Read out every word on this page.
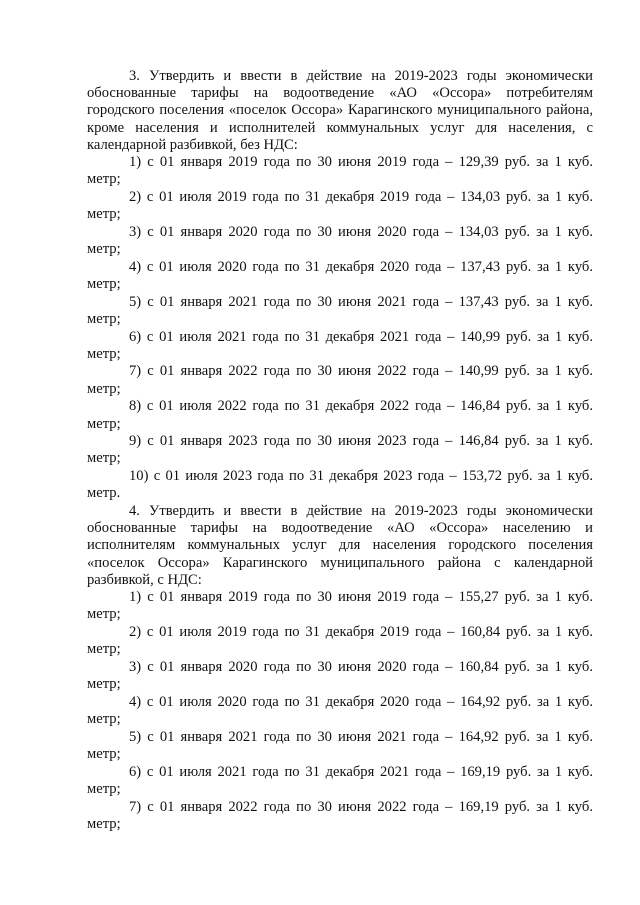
3. Утвердить и ввести в действие на 2019-2023 годы экономически обоснованные тарифы на водоотведение «АО «Оссора» потребителям городского поселения «поселок Оссора» Карагинского муниципального района, кроме населения и исполнителей коммунальных услуг для населения, с календарной разбивкой, без НДС:

1) с 01 января 2019 года по 30 июня 2019 года – 129,39 руб. за 1 куб.
метр;
2) с 01 июля 2019 года по 31 декабря 2019 года – 134,03 руб. за 1 куб.
метр;
3) с 01 января 2020 года по 30 июня 2020 года – 134,03 руб. за 1 куб.
метр;
4) с 01 июля 2020 года по 31 декабря 2020 года – 137,43 руб. за 1 куб.
метр;
5) с 01 января 2021 года по 30 июня 2021 года – 137,43 руб. за 1 куб.
метр;
6) с 01 июля 2021 года по 31 декабря 2021 года – 140,99 руб. за 1 куб.
метр;
7) с 01 января 2022 года по 30 июня 2022 года – 140,99 руб. за 1 куб.
метр;
8) с 01 июля 2022 года по 31 декабря 2022 года – 146,84 руб. за 1 куб.
метр;
9) с 01 января 2023 года по 30 июня 2023 года – 146,84 руб. за 1 куб.
метр;
10) с 01 июля 2023 года по 31 декабря 2023 года – 153,72 руб. за 1 куб.
метр.

4. Утвердить и ввести в действие на 2019-2023 годы экономически обоснованные тарифы на водоотведение «АО «Оссора» населению и исполнителям коммунальных услуг для населения городского поселения «поселок Оссора» Карагинского муниципального района с календарной разбивкой, с НДС:

1) с 01 января 2019 года по 30 июня 2019 года – 155,27 руб. за 1 куб.
метр;
2) с 01 июля 2019 года по 31 декабря 2019 года – 160,84 руб. за 1 куб.
метр;
3) с 01 января 2020 года по 30 июня 2020 года – 160,84 руб. за 1 куб.
метр;
4) с 01 июля 2020 года по 31 декабря 2020 года – 164,92 руб. за 1 куб.
метр;
5) с 01 января 2021 года по 30 июня 2021 года – 164,92 руб. за 1 куб.
метр;
6) с 01 июля 2021 года по 31 декабря 2021 года – 169,19 руб. за 1 куб.
метр;
7) с 01 января 2022 года по 30 июня 2022 года – 169,19 руб. за 1 куб.
метр;
